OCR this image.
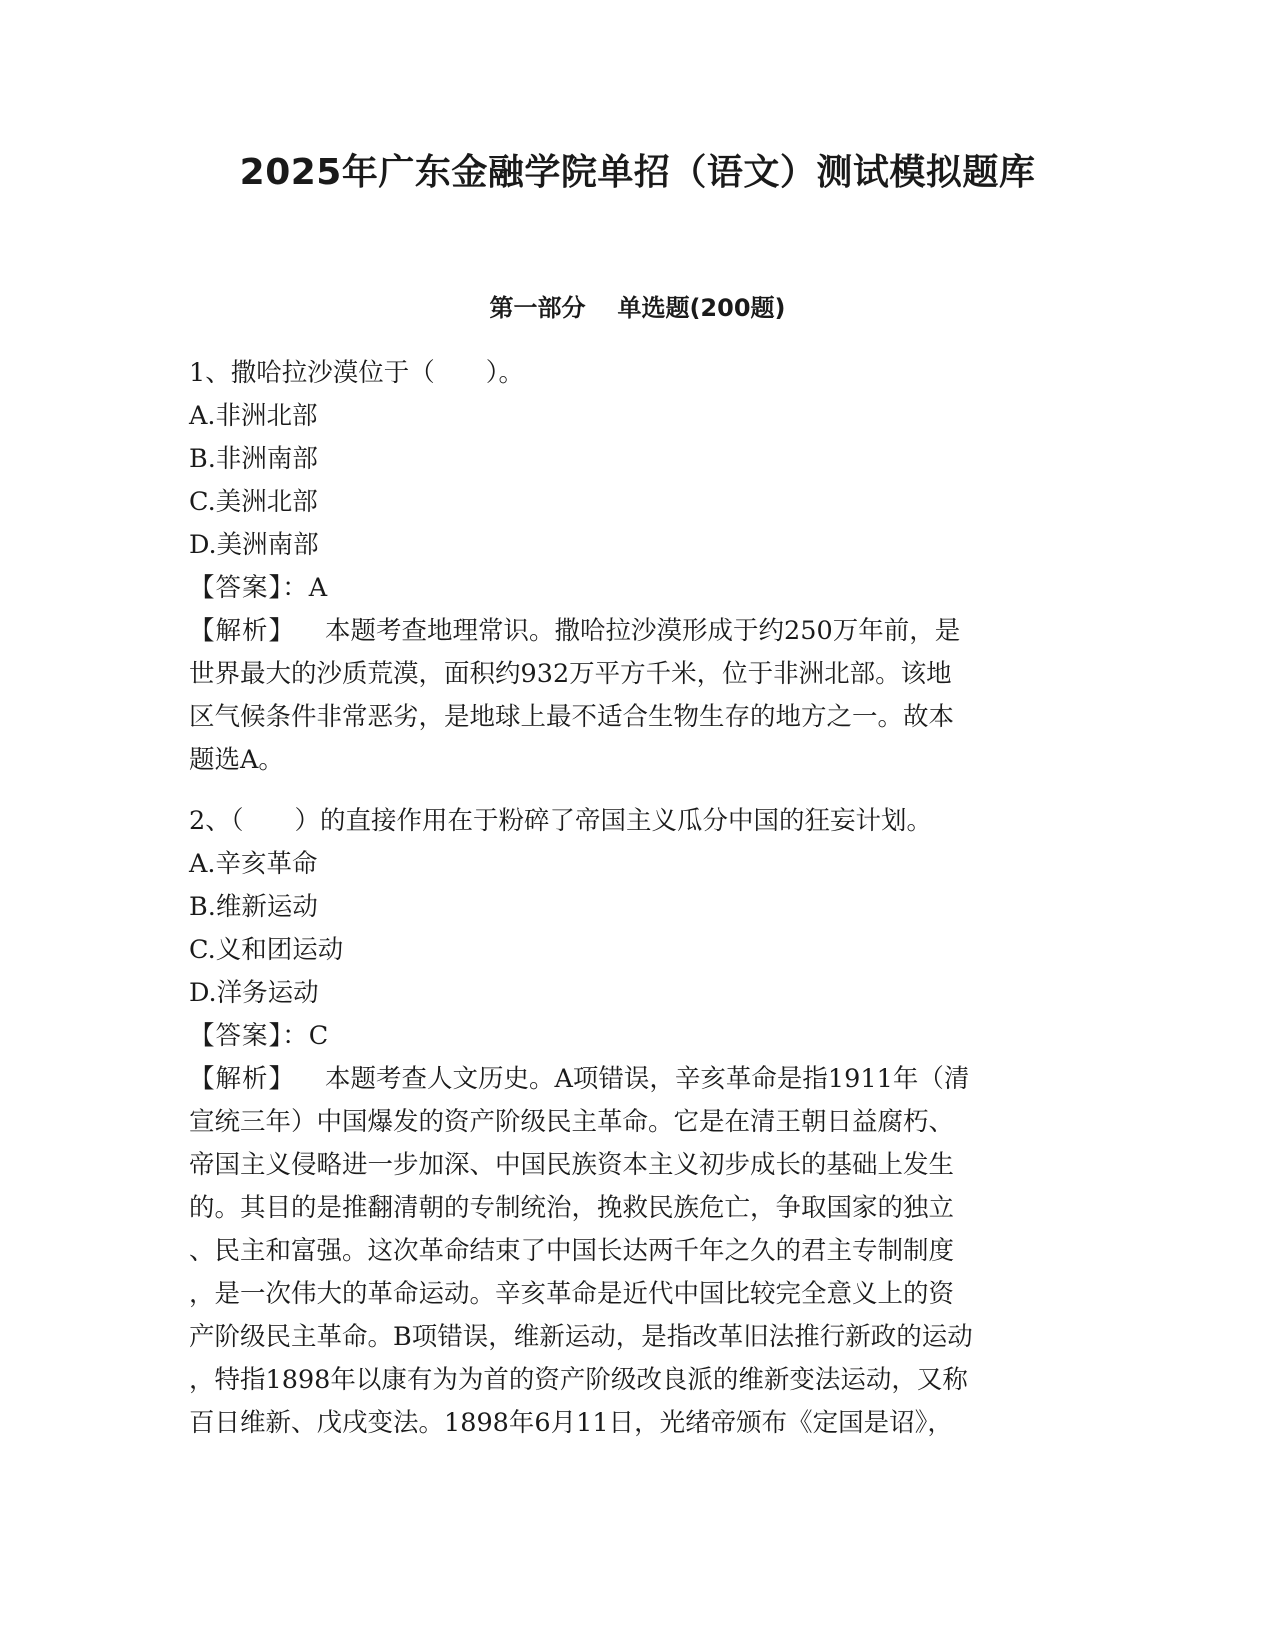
2025年广东金融学院单招（语文）测试模拟题库
第一部分 单选题(200题)
1、撒哈拉沙漠位于（　　）。
A.非洲北部
B.非洲南部
C.美洲北部
D.美洲南部
【答案】：A
【解析】 本题考查地理常识。撒哈拉沙漠形成于约250万年前，是
世界最大的沙质荒漠，面积约932万平方千米，位于非洲北部。该地
区气候条件非常恶劣，是地球上最不适合生物生存的地方之一。故本
题选A。
2、（　　）的直接作用在于粉碎了帝国主义瓜分中国的狂妄计划。
A.辛亥革命
B.维新运动
C.义和团运动
D.洋务运动
【答案】：C
【解析】 本题考查人文历史。A项错误，辛亥革命是指1911年（清
宣统三年）中国爆发的资产阶级民主革命。它是在清王朝日益腐朽、
帝国主义侵略进一步加深、中国民族资本主义初步成长的基础上发生
的。其目的是推翻清朝的专制统治，挽救民族危亡，争取国家的独立
、民主和富强。这次革命结束了中国长达两千年之久的君主专制制度
，是一次伟大的革命运动。辛亥革命是近代中国比较完全意义上的资
产阶级民主革命。B项错误，维新运动，是指改革旧法推行新政的运动
，特指1898年以康有为为首的资产阶级改良派的维新变法运动，又称
百日维新、戊戌变法。1898年6月11日，光绪帝颁布《定国是诏》，
